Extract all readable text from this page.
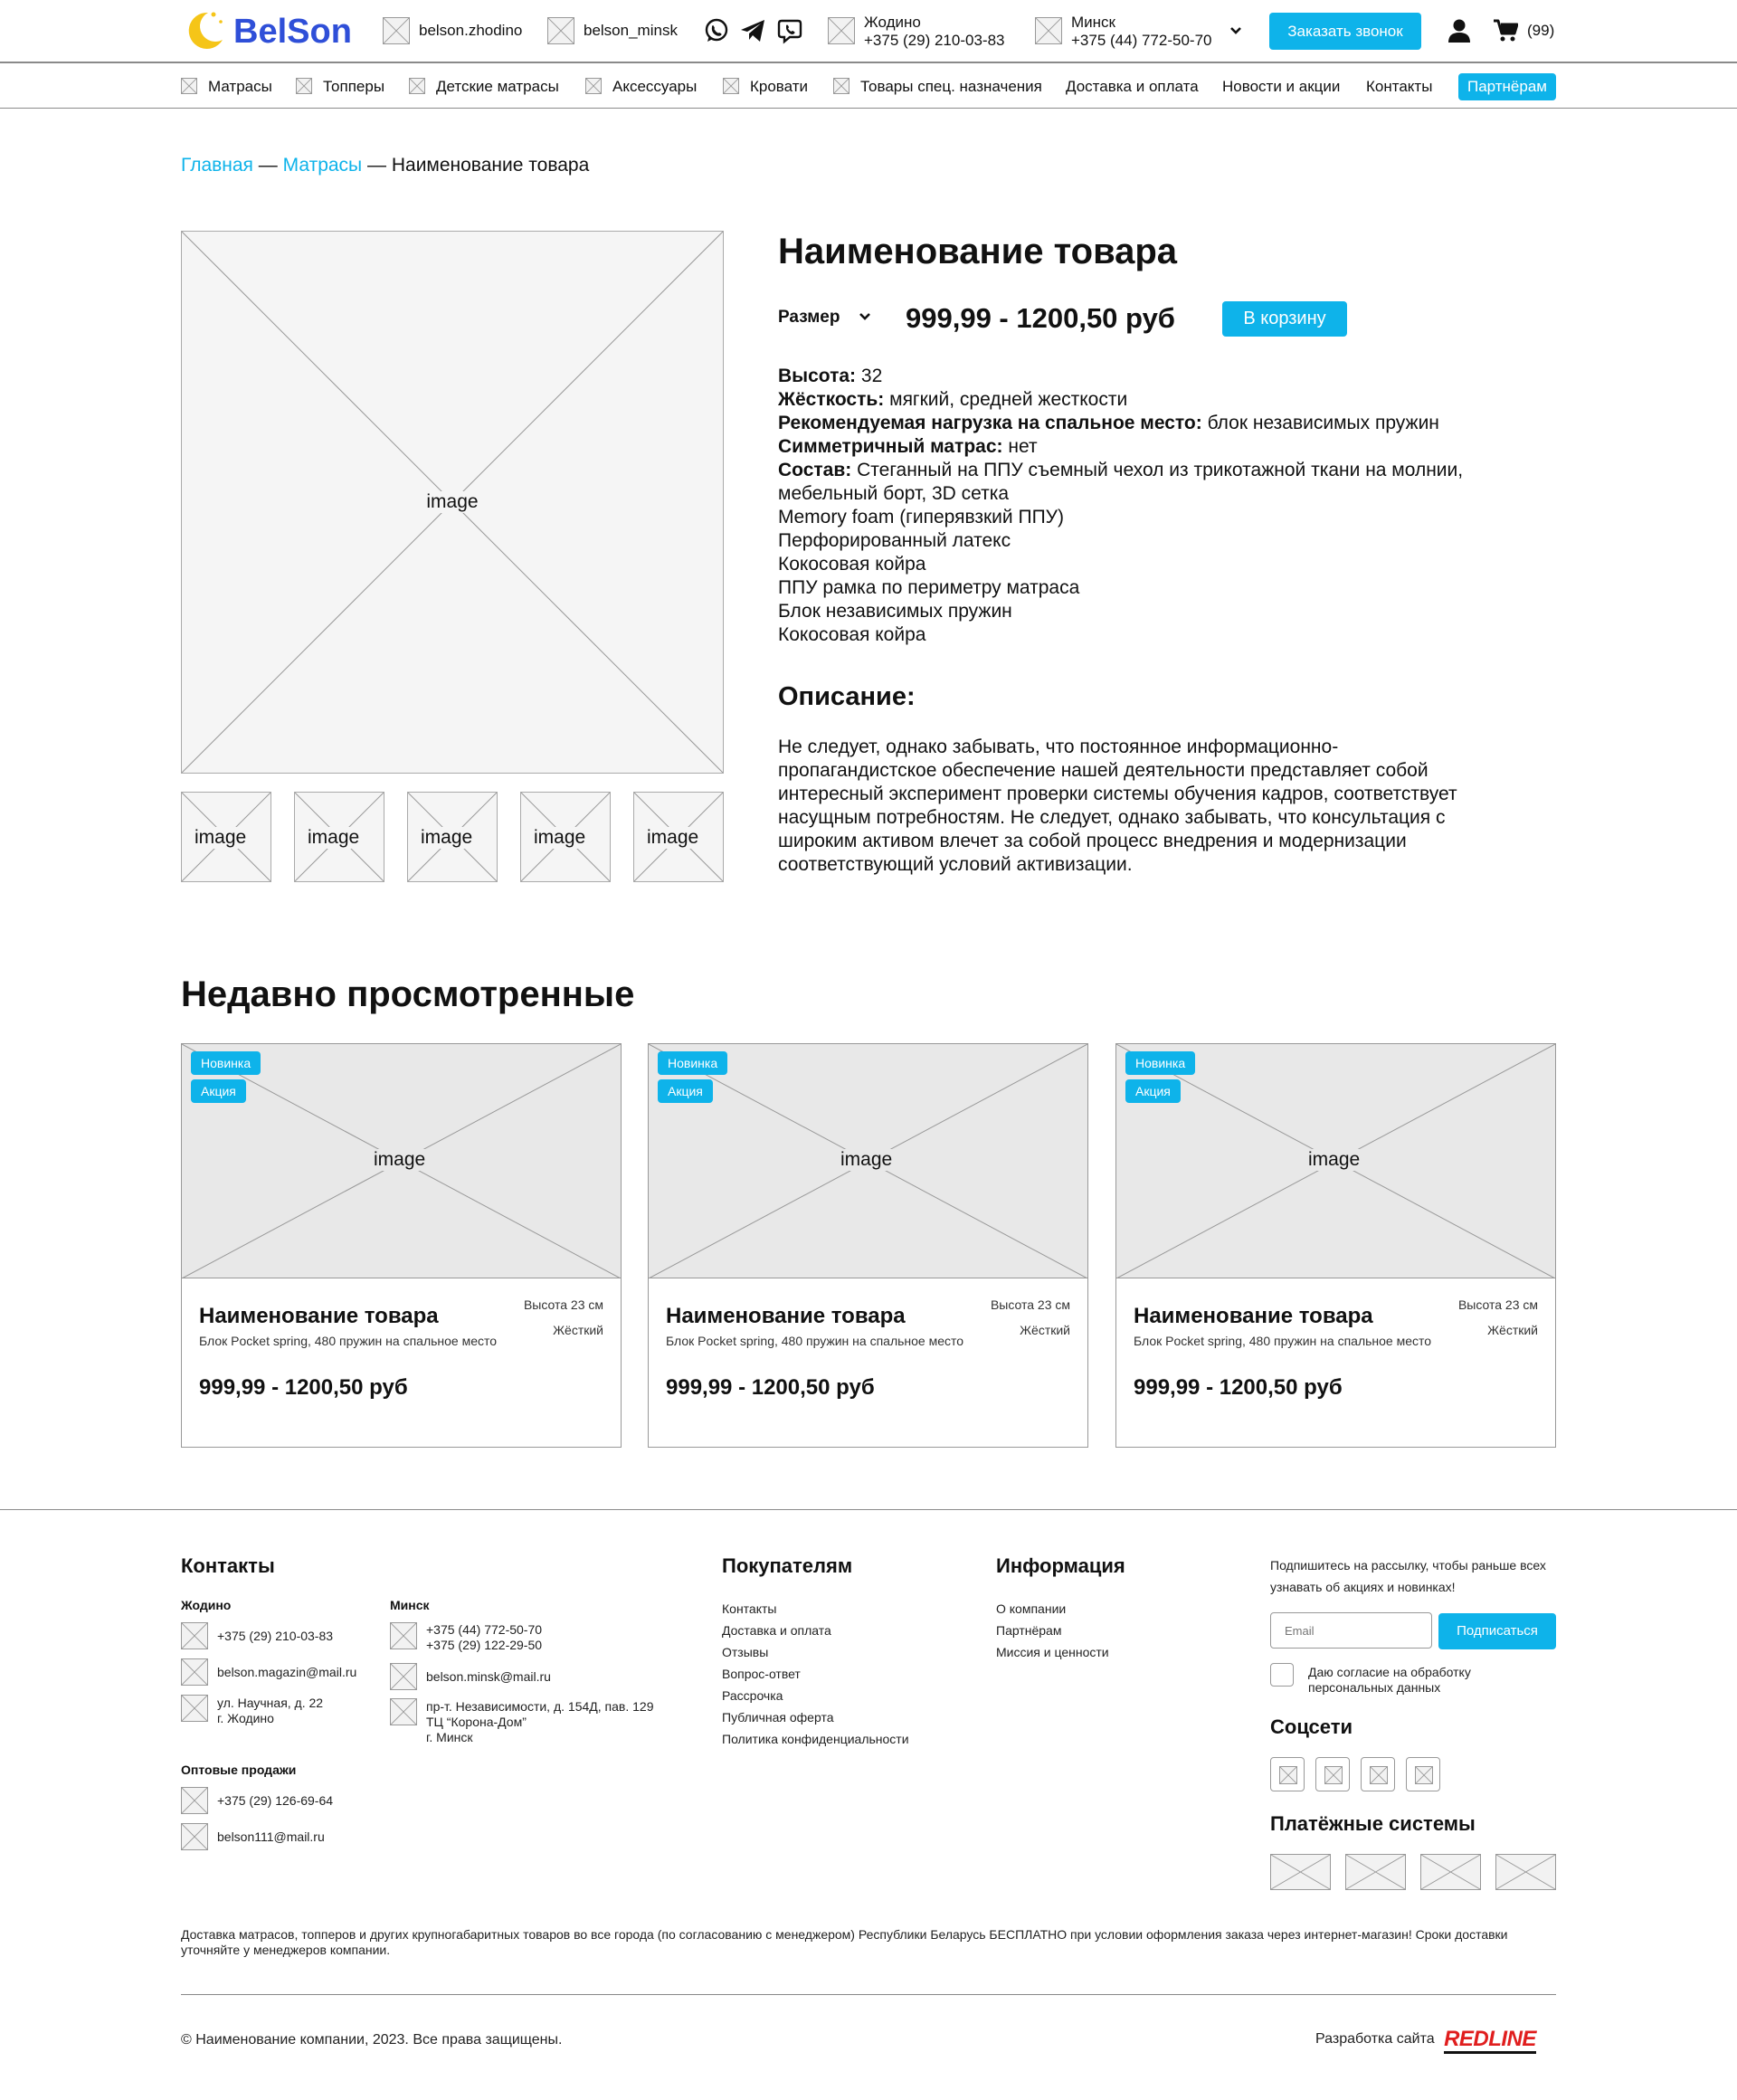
BelSon	belson.zhodino	belson_minsk	Жодино
+375 (29) 210-03-83
Минск
+375 (44) 772-50-70
Заказать звонок	(99)
Матрасы	Топперы	Детские матрасы	Аксессуары	Кровати	Товары спец. назначения Доставка и оплата Новости и акции Контакты	Партнёрам
Главная — Матрасы — Наименование товара
image
image	image	image	image	image
Наименование товара
Размер	999,99 - 1200,50 руб	В корзину
Высота: 32
Жёсткость: мягкий, средней жесткости
Рекомендуемая нагрузка на спальное место: блок независимых пружин
Симметричный матрас: нет
Состав: Стеганный на ППУ съемный чехол из трикотажной ткани на молнии, мебельный борт, 3D сетка
Memory foam (гиперявзкий ППУ)
Перфорированный латекс
Кокосовая койра
ППУ рамка по периметру матраса
Блок независимых пружин
Кокосовая койра
Описание:

Не следует, однако забывать, что постоянное информационно-пропагандистское обеспечение нашей деятельности представляет собой интересный эксперимент проверки системы обучения кадров, соответствует насущным потребностям. Не следует, однако забывать, что консультация с широким активом влечет за собой процесс внедрения и модернизации соответствующий условий активизации.

Недавно просмотренные
image
Новинка
Акция
Наименование товара
Блок Pocket spring, 480 пружин на спальное место
Высота 23 см
Жёсткий
999,99 - 1200,50 руб
image
Новинка
Акция
Наименование товара
Блок Pocket spring, 480 пружин на спальное место
Высота 23 см
Жёсткий
999,99 - 1200,50 руб
image
Новинка
Акция
Наименование товара
Блок Pocket spring, 480 пружин на спальное место
Высота 23 см
Жёсткий
999,99 - 1200,50 руб
Контакты
Жодино
+375 (29) 210-03-83
belson.magazin@mail.ru
ул. Научная, д. 22
г. Жодино
Минск
+375 (44) 772-50-70
+375 (29) 122-29-50
belson.minsk@mail.ru
пр-т. Независимости, д. 154Д, пав. 129
ТЦ “Корона-Дом”
г. Минск
Оптовые продажи
+375 (29) 126-69-64
belson111@mail.ru
Покупателям
Контакты
Доставка и оплата
Отзывы
Вопрос-ответ
Рассрочка
Публичная оферта
Политика конфиденциальности
Информация
О компании
Партнёрам
Миссия и ценности

Подпишитесь на рассылку, чтобы раньше всех узнавать об акциях и новинках!

Email
Подписаться

Даю согласие на обработку персональных данных

Соцсети
Платёжные системы

Доставка матрасов, топперов и других крупногабаритных товаров во все города (по согласованию с менеджером) Республики Беларусь БЕСПЛАТНО при условии оформления заказа через интернет-магазин! Сроки доставки уточняйте у менеджеров компании.

© Наименование компании, 2023. Все права защищены.	Разработка сайта REDLINE
